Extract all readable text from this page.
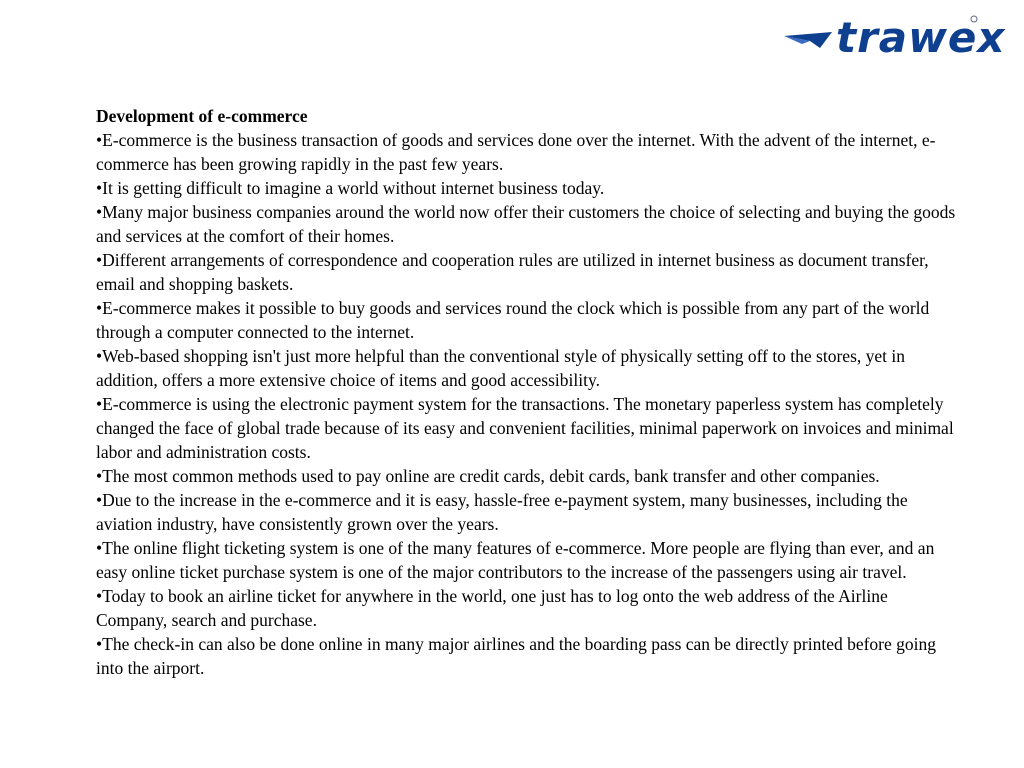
trawex

Development of e-commerce

•E-commerce is the business transaction of goods and services done over the internet. With the advent of the internet, e-commerce has been growing rapidly in the past few years.

•It is getting difficult to imagine a world without internet business today.

•Many major business companies around the world now offer their customers the choice of selecting and buying the goods and services at the comfort of their homes.

•Different arrangements of correspondence and cooperation rules are utilized in internet business as document transfer, email and shopping baskets.

•E-commerce makes it possible to buy goods and services round the clock which is possible from any part of the world through a computer connected to the internet.

•Web-based shopping isn't just more helpful than the conventional style of physically setting off to the stores, yet in addition, offers a more extensive choice of items and good accessibility.

•E-commerce is using the electronic payment system for the transactions. The monetary paperless system has completely changed the face of global trade because of its easy and convenient facilities, minimal paperwork on invoices and minimal labor and administration costs.

•The most common methods used to pay online are credit cards, debit cards, bank transfer and other companies.

•Due to the increase in the e-commerce and it is easy, hassle-free e-payment system, many businesses, including the aviation industry, have consistently grown over the years.

•The online flight ticketing system is one of the many features of e-commerce. More people are flying than ever, and an easy online ticket purchase system is one of the major contributors to the increase of the passengers using air travel.

•Today to book an airline ticket for anywhere in the world, one just has to log onto the web address of the Airline Company, search and purchase.

•The check-in can also be done online in many major airlines and the boarding pass can be directly printed before going into the airport.
